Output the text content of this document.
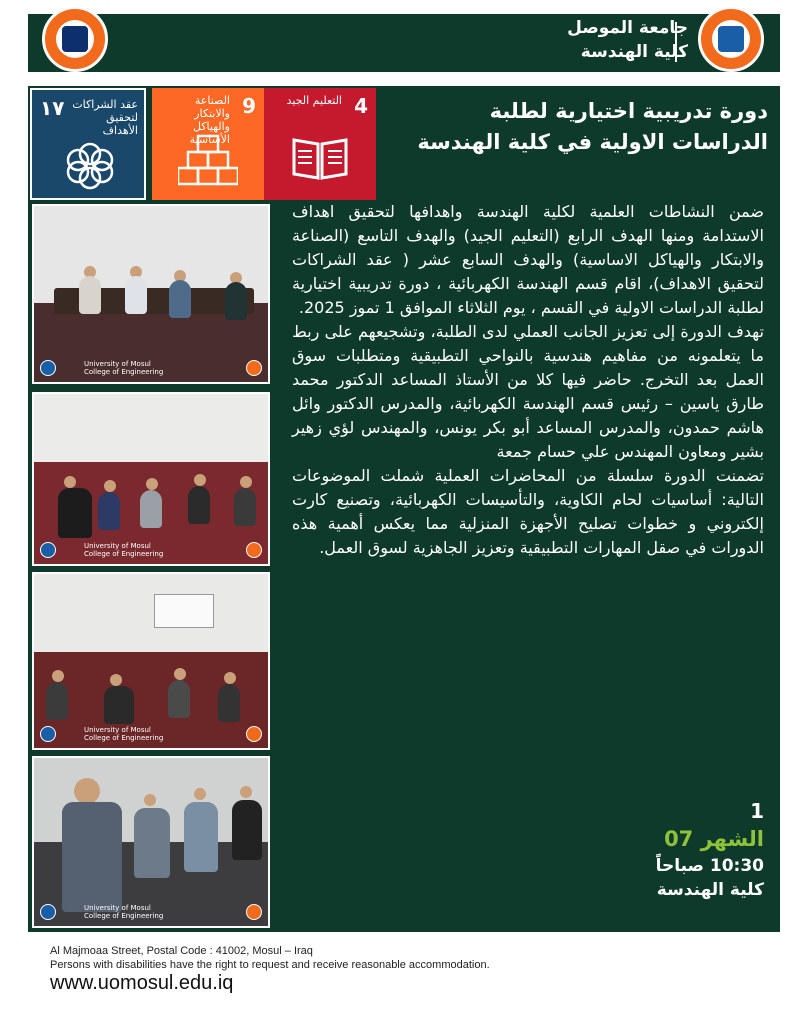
جامعة الموصل
كلية الهندسة
4
التعليم الجيد
9
الصناعة والابتكار والهياكل الأساسية
١٧ عقد الشراكات لتحقيق الأهداف
دورة تدريبية اختيارية لطلبة
الدراسات الاولية في كلية الهندسة
University of Mosul
College of Engineering
University of Mosul
College of Engineering
University of Mosul
College of Engineering
University of Mosul
College of Engineering

ضمن النشاطات العلمية لكلية الهندسة واهدافها لتحقيق اهداف الاستدامة ومنها الهدف الرابع (التعليم الجيد) والهدف التاسع (الصناعة والابتكار والهياكل الاساسية) والهدف السابع عشر ( عقد الشراكات لتحقيق الاهداف)، اقام قسم الهندسة الكهربائية ، دورة تدريبية اختيارية لطلبة الدراسات الاولية في القسم ، يوم الثلاثاء الموافق 1 تموز 2025.

تهدف الدورة إلى تعزيز الجانب العملي لدى الطلبة، وتشجيعهم على ربط ما يتعلمونه من مفاهيم هندسية بالنواحي التطبيقية ومتطلبات سوق العمل بعد التخرج. حاضر فيها كلا من الأستاذ المساعد الدكتور محمد طارق ياسين – رئيس قسم الهندسة الكهربائية، والمدرس الدكتور وائل هاشم حمدون، والمدرس المساعد أبو بكر يونس، والمهندس لؤي زهير بشير ومعاون المهندس علي حسام جمعة

تضمنت الدورة سلسلة من المحاضرات العملية شملت الموضوعات التالية: أساسيات لحام الكاوية، والتأسيسات الكهربائية، وتصنيع كارت إلكتروني و خطوات تصليح الأجهزة المنزلية مما يعكس أهمية هذه الدورات في صقل المهارات التطبيقية وتعزيز الجاهزية لسوق العمل.

1
الشهر 07
10:30 صباحاً
كلية الهندسة
Al Majmoaa Street, Postal Code : 41002, Mosul – Iraq
Persons with disabilities have the right to request and receive reasonable accommodation.
www.uomosul.edu.iq
